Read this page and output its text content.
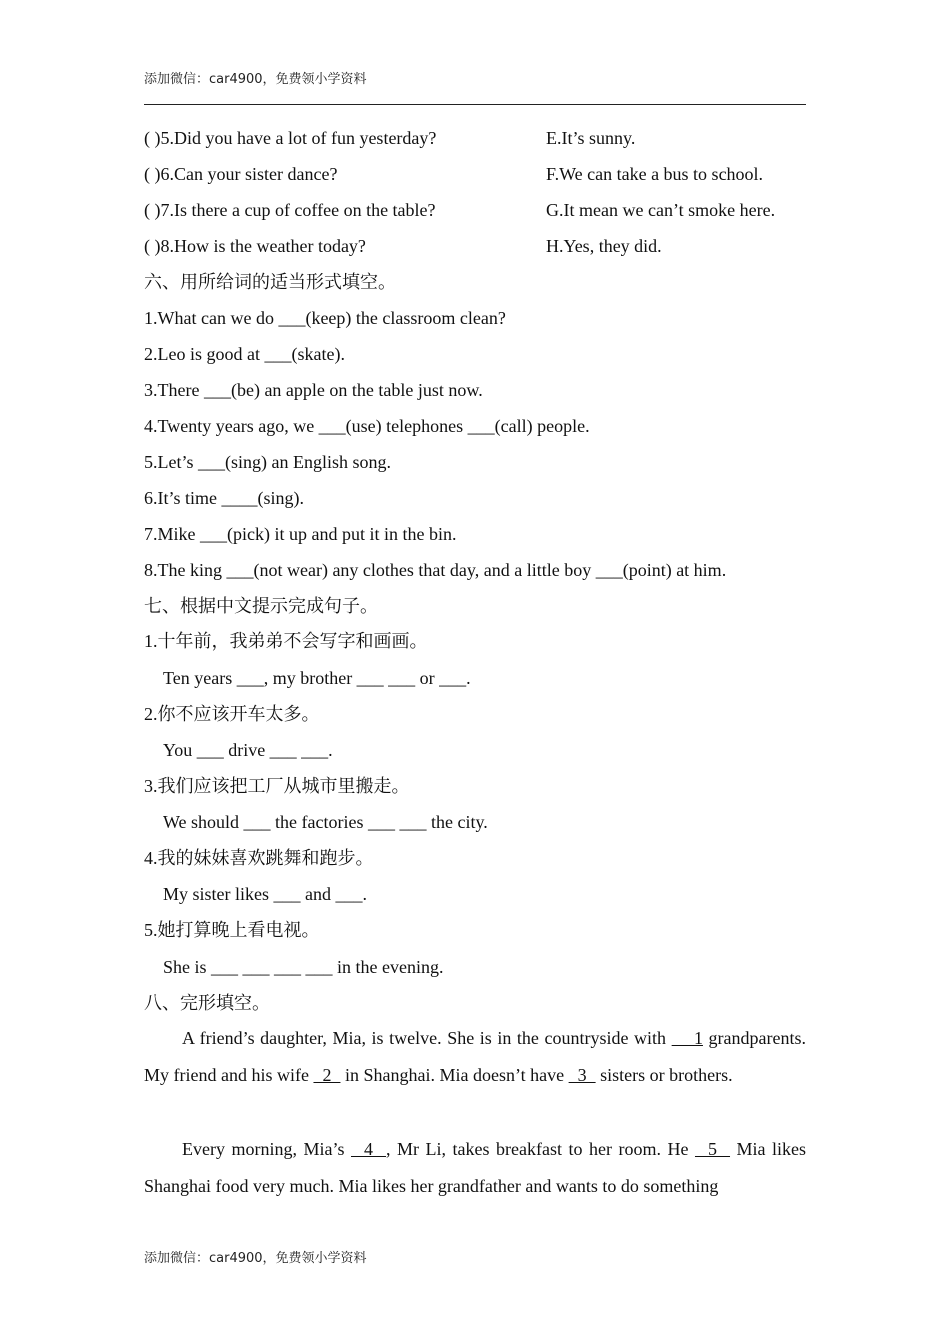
添加微信：car4900，免费领小学资料
( )5.Did you have a lot of fun yesterday?	E.It’s sunny.
( )6.Can your sister dance?	F.We can take a bus to school.
( )7.Is there a cup of coffee on the table?	G.It mean we can’t smoke here.
( )8.How is the weather today?	H.Yes, they did.
六、用所给词的适当形式填空。
1.What can we do ___(keep) the classroom clean?
2.Leo is good at ___(skate).
3.There ___(be) an apple on the table just now.
4.Twenty years ago, we ___(use) telephones ___(call) people.
5.Let’s ___(sing) an English song.
6.It’s time ____(sing).
7.Mike ___(pick) it up and put it in the bin.
8.The king ___(not wear) any clothes that day, and a little boy ___(point) at him.
七、根据中文提示完成句子。
1.十年前，我弟弟不会写字和画画。
Ten years ___, my brother ___ ___ or ___.
2.你不应该开车太多。
You ___ drive ___ ___.
3.我们应该把工厂从城市里搬走。
We should ___ the factories ___ ___ the city.
4.我的妹妹喜欢跳舞和跑步。
My sister likes ___ and ___.
5.她打算晚上看电视。
She is ___ ___ ___ ___ in the evening.
八、完形填空。
A friend’s daughter, Mia, is twelve. She is in the countryside with     1 grandparents. My friend and his wife   2   in Shanghai. Mia doesn’t have   3   sisters or brothers.
Every morning, Mia’s   4  , Mr Li, takes breakfast to her room. He   5   Mia likes Shanghai food very much. Mia likes her grandfather and wants to do something
添加微信：car4900，免费领小学资料
